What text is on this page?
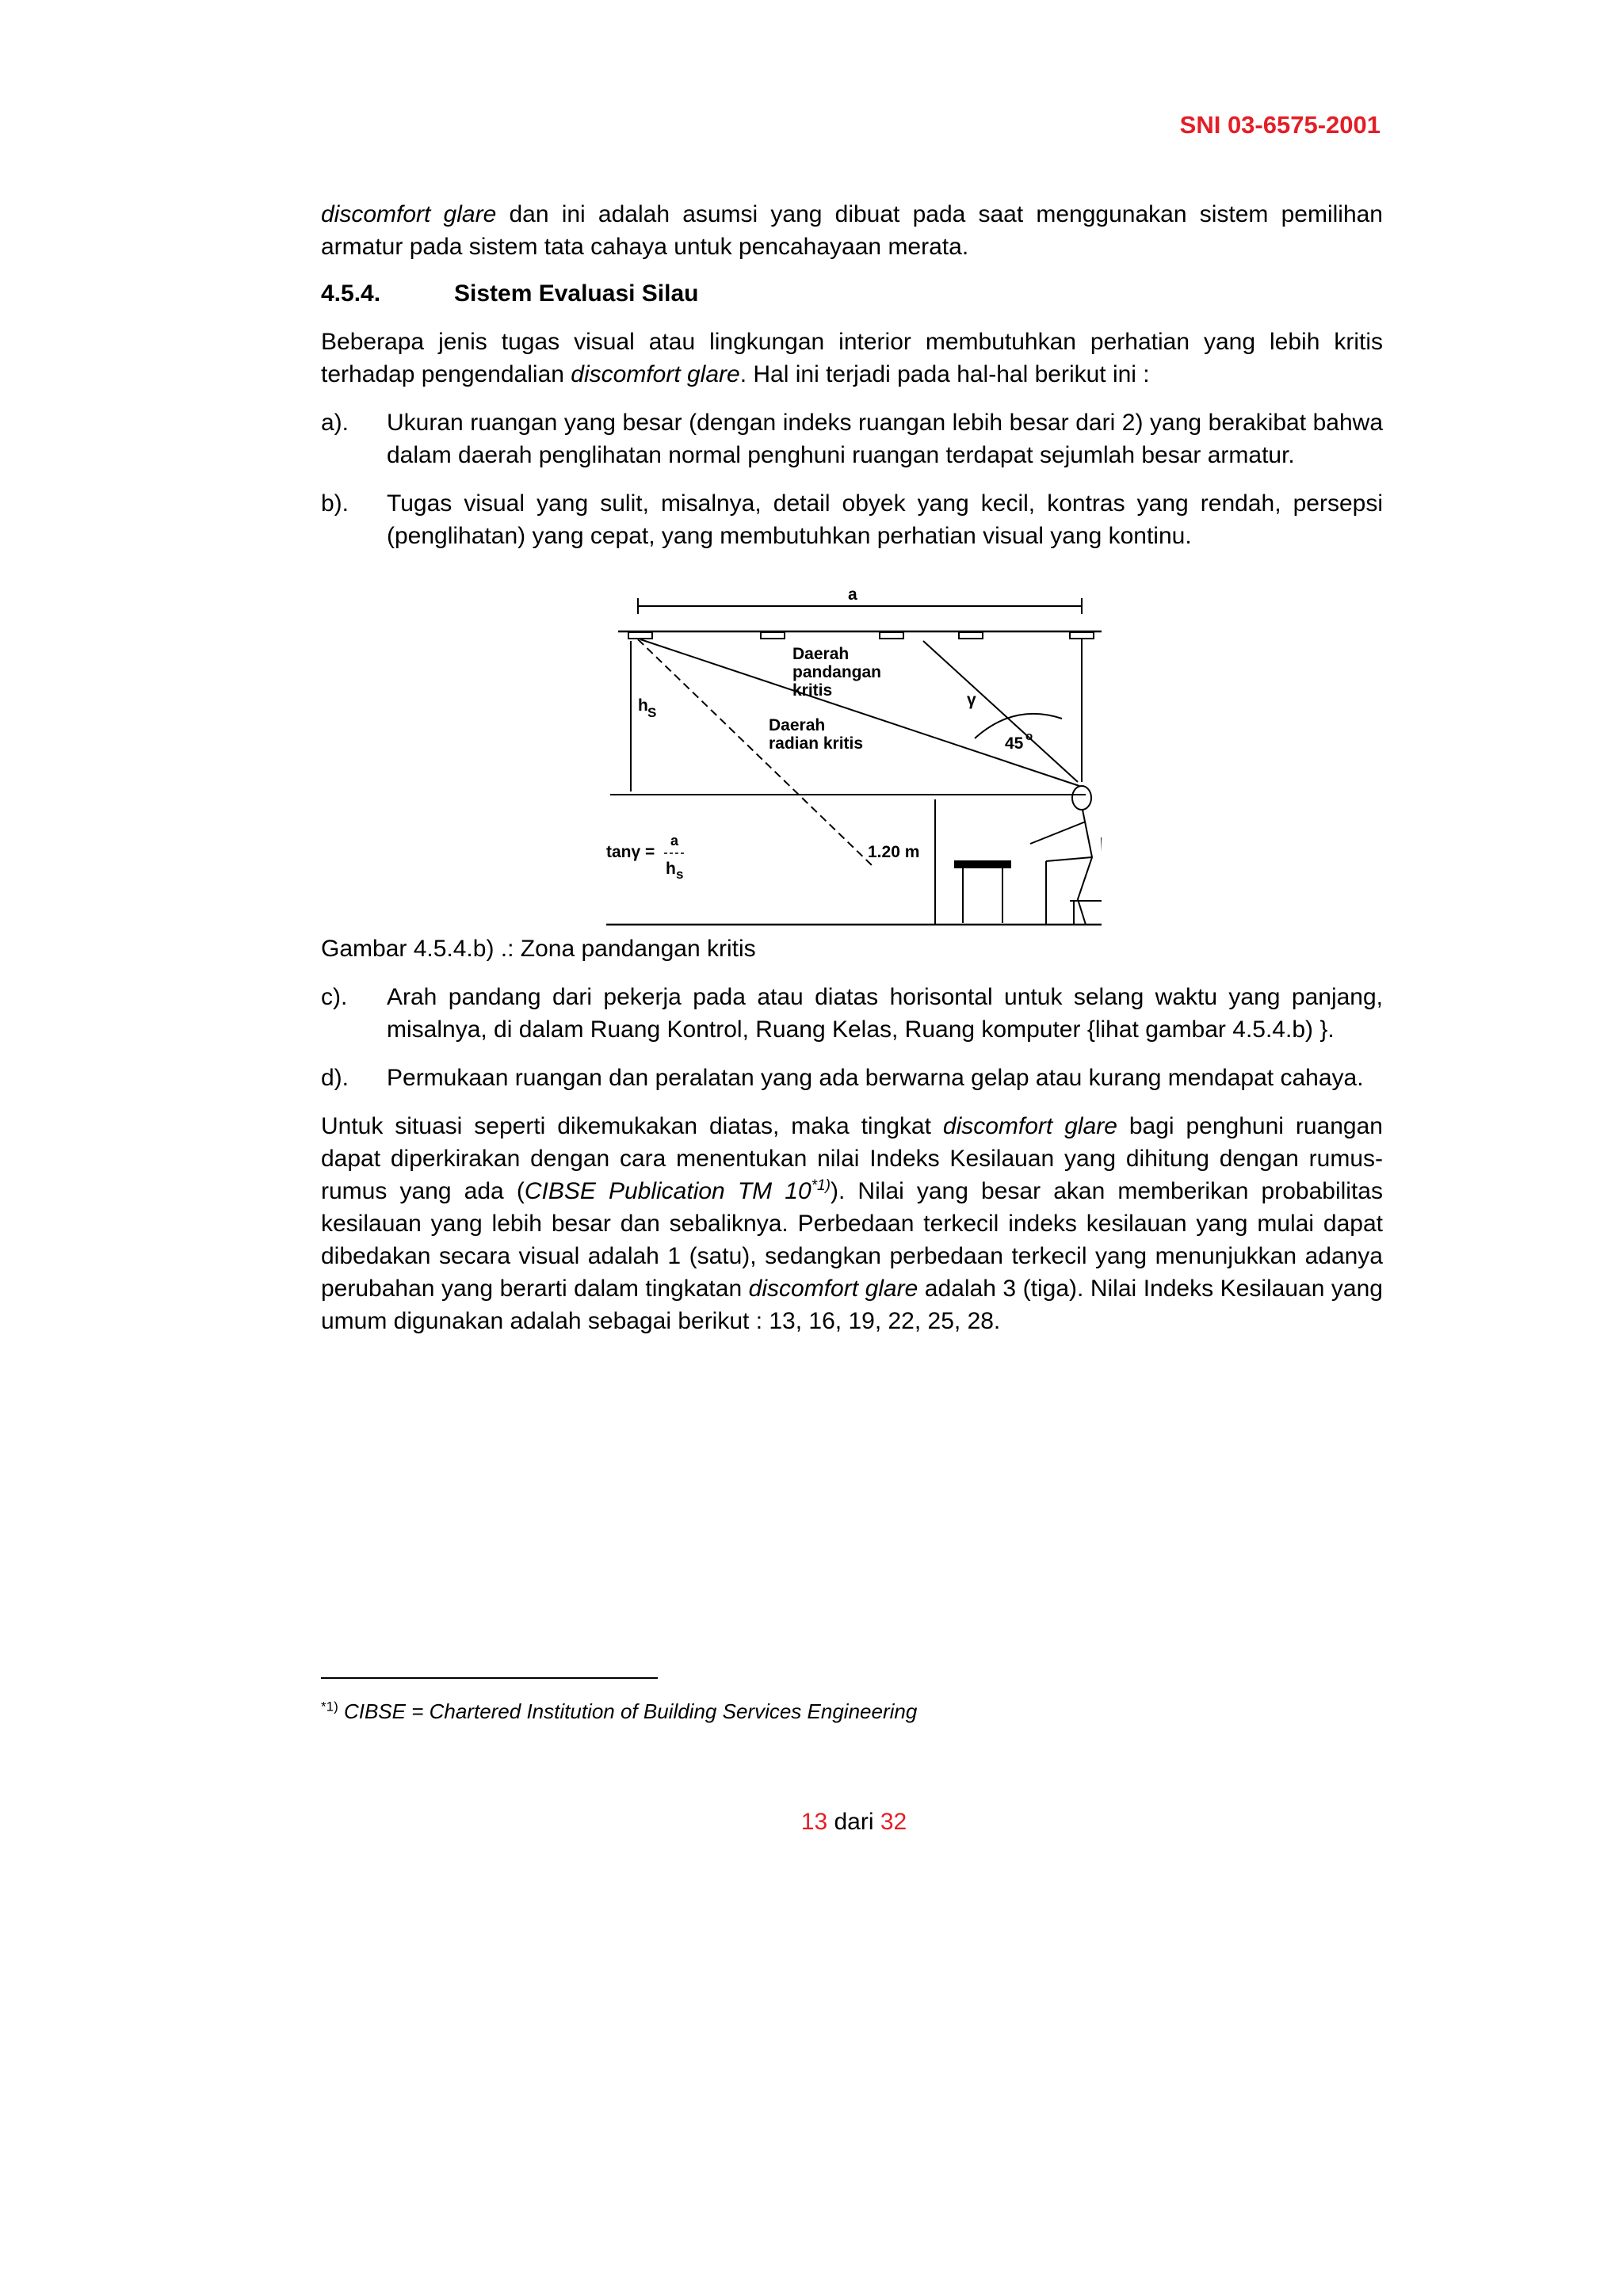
SNI 03-6575-2001

discomfort glare dan ini adalah asumsi yang dibuat pada saat menggunakan sistem pemilihan armatur pada sistem tata cahaya untuk pencahayaan merata.

4.5.4.	Sistem Evaluasi Silau

Beberapa jenis tugas visual atau lingkungan interior membutuhkan perhatian yang lebih kritis terhadap pengendalian discomfort glare. Hal ini terjadi pada hal-hal berikut ini :

a).	Ukuran ruangan yang besar (dengan indeks ruangan lebih besar dari 2) yang berakibat bahwa dalam daerah penglihatan normal penghuni ruangan terdapat sejumlah besar armatur.
b).	Tugas visual yang sulit, misalnya, detail obyek yang kecil, kontras yang rendah, persepsi (penglihatan) yang cepat, yang membutuhkan perhatian visual yang kontinu.
a
Daerah
pandangan
kritis
γ
h S
Daerah
radian kritis	45 o
tanγ =
a
h s
1.20 m

Gambar 4.5.4.b) .: Zona pandangan kritis

c).	Arah pandang dari pekerja pada atau diatas horisontal untuk selang waktu yang panjang, misalnya, di dalam Ruang Kontrol, Ruang Kelas, Ruang komputer {lihat gambar 4.5.4.b) }.
d).	Permukaan ruangan dan peralatan yang ada berwarna gelap atau kurang mendapat cahaya.

Untuk situasi seperti dikemukakan diatas, maka tingkat discomfort glare bagi penghuni ruangan dapat diperkirakan dengan cara menentukan nilai Indeks Kesilauan yang dihitung dengan rumus-rumus yang ada (CIBSE Publication TM 10$^{*1)}$). Nilai yang besar akan memberikan probabilitas kesilauan yang lebih besar dan sebaliknya. Perbedaan terkecil indeks kesilauan yang mulai dapat dibedakan secara visual adalah 1 (satu), sedangkan perbedaan terkecil yang menunjukkan adanya perubahan yang berarti dalam tingkatan discomfort glare adalah 3 (tiga). Nilai Indeks Kesilauan yang umum digunakan adalah sebagai berikut : 13, 16, 19, 22, 25, 28.

$^{*1)}$ CIBSE = Chartered Institution of Building Services Engineering
13 dari 32
